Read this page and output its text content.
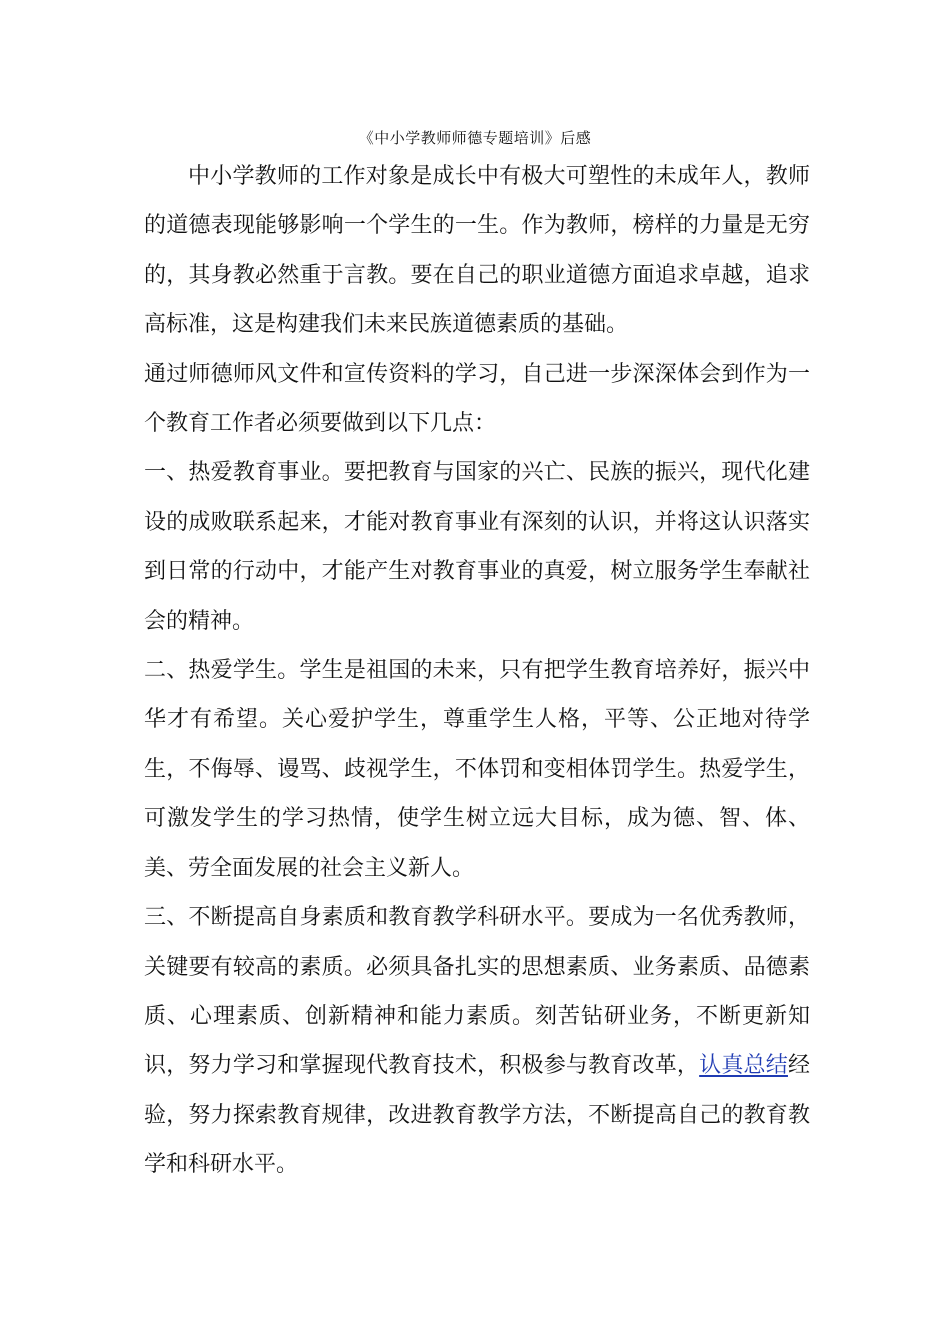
《中小学教师师德专题培训》后感

中小学教师的工作对象是成长中有极大可塑性的未成年人，教师的道德表现能够影响一个学生的一生。作为教师，榜样的力量是无穷的，其身教必然重于言教。要在自己的职业道德方面追求卓越，追求高标准，这是构建我们未来民族道德素质的基础。

通过师德师风文件和宣传资料的学习，自己进一步深深体会到作为一个教育工作者必须要做到以下几点：

一、热爱教育事业。要把教育与国家的兴亡、民族的振兴，现代化建设的成败联系起来，才能对教育事业有深刻的认识，并将这认识落实到日常的行动中，才能产生对教育事业的真爱，树立服务学生奉献社会的精神。

二、热爱学生。学生是祖国的未来，只有把学生教育培养好，振兴中华才有希望。关心爱护学生，尊重学生人格，平等、公正地对待学生，不侮辱、谩骂、歧视学生，不体罚和变相体罚学生。热爱学生，可激发学生的学习热情，使学生树立远大目标，成为德、智、体、美、劳全面发展的社会主义新人。

三、不断提高自身素质和教育教学科研水平。要成为一名优秀教师，关键要有较高的素质。必须具备扎实的思想素质、业务素质、品德素质、心理素质、创新精神和能力素质。刻苦钻研业务，不断更新知识，努力学习和掌握现代教育技术，积极参与教育改革，认真总结经验，努力探索教育规律，改进教育教学方法，不断提高自己的教育教学和科研水平。
